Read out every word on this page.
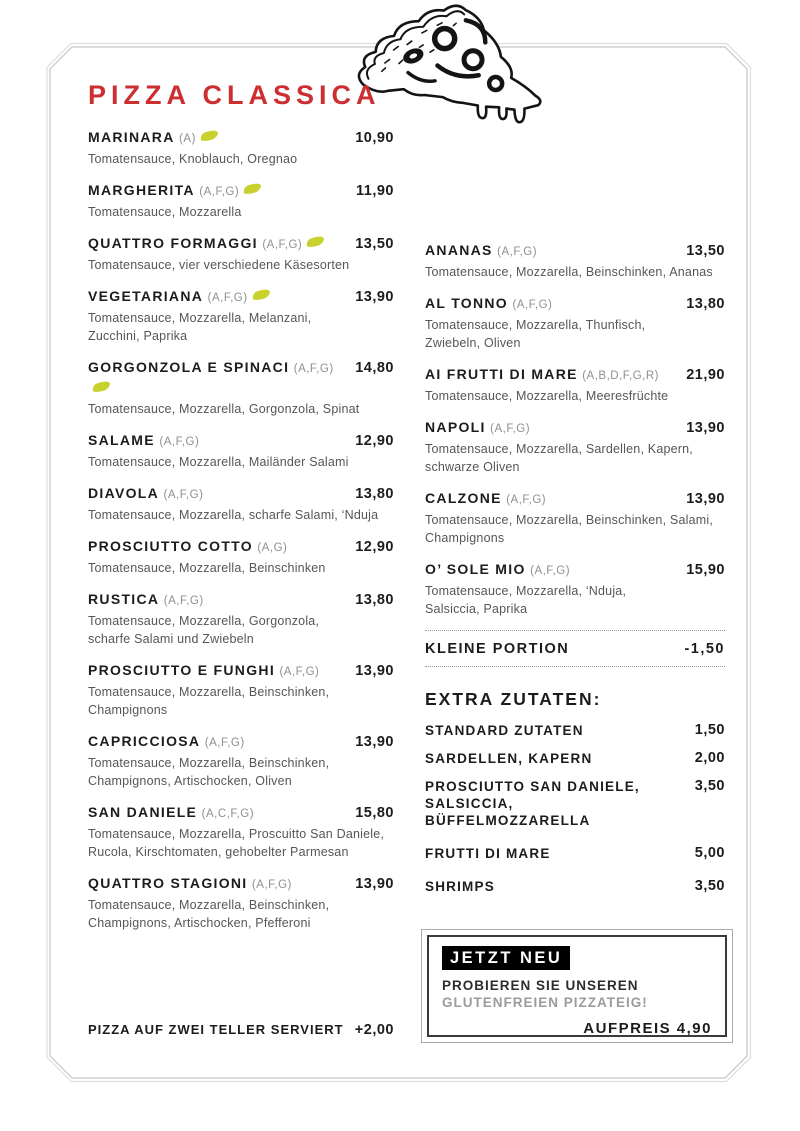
PIZZA CLASSICA
MARINARA (A)	10,90
Tomatensauce, Knoblauch, Oregnao
MARGHERITA (A,F,G)	11,90
Tomatensauce, Mozzarella
QUATTRO FORMAGGI (A,F,G)	13,50
Tomatensauce, vier verschiedene Käsesorten
VEGETARIANA (A,F,G)	13,90
Tomatensauce, Mozzarella, Melanzani, Zucchini, Paprika
GORGONZOLA E SPINACI (A,F,G)	14,80
Tomatensauce, Mozzarella, Gorgonzola, Spinat
SALAME (A,F,G)	12,90
Tomatensauce, Mozzarella, Mailänder Salami
DIAVOLA (A,F,G)	13,80
Tomatensauce, Mozzarella, scharfe Salami, ‘Nduja
PROSCIUTTO COTTO (A,G)	12,90
Tomatensauce, Mozzarella, Beinschinken
RUSTICA (A,F,G)	13,80
Tomatensauce, Mozzarella, Gorgonzola, scharfe Salami und Zwiebeln
PROSCIUTTO E FUNGHI (A,F,G) 13,90
Tomatensauce, Mozzarella, Beinschinken, Champignons
CAPRICCIOSA (A,F,G)	13,90
Tomatensauce, Mozzarella, Beinschinken, Champignons, Artischocken, Oliven
SAN DANIELE (A,C,F,G)	15,80
Tomatensauce, Mozzarella, Proscuitto San Daniele, Rucola, Kirschtomaten, gehobelter Parmesan
QUATTRO STAGIONI (A,F,G)	13,90
Tomatensauce, Mozzarella, Beinschinken, Champignons, Artischocken, Pfefferoni
ANANAS (A,F,G)	13,50
Tomatensauce, Mozzarella, Beinschinken, Ananas
AL TONNO (A,F,G)	13,80
Tomatensauce, Mozzarella, Thunfisch, Zwiebeln, Oliven
AI FRUTTI DI MARE (A,B,D,F,G,R) 21,90
Tomatensauce, Mozzarella, Meeresfrüchte
NAPOLI (A,F,G)	13,90
Tomatensauce, Mozzarella, Sardellen, Kapern, schwarze Oliven
CALZONE (A,F,G)	13,90
Tomatensauce, Mozzarella, Beinschinken, Salami, Champignons
O’ SOLE MIO (A,F,G)	15,90
Tomatensauce, Mozzarella, ‘Nduja, Salsiccia, Paprika
KLEINE PORTION	-1,50
EXTRA ZUTATEN:
STANDARD ZUTATEN	1,50
SARDELLEN, KAPERN	2,00
PROSCIUTTO SAN DANIELE, SALSICCIA, BÜFFELMOZZARELLA
3,50
FRUTTI DI MARE	5,00
SHRIMPS	3,50
JETZT NEU
PROBIEREN SIE UNSEREN
GLUTENFREIEN PIZZATEIG!
AUFPREIS 4,90
PIZZA AUF ZWEI TELLER SERVIERT +2,00
